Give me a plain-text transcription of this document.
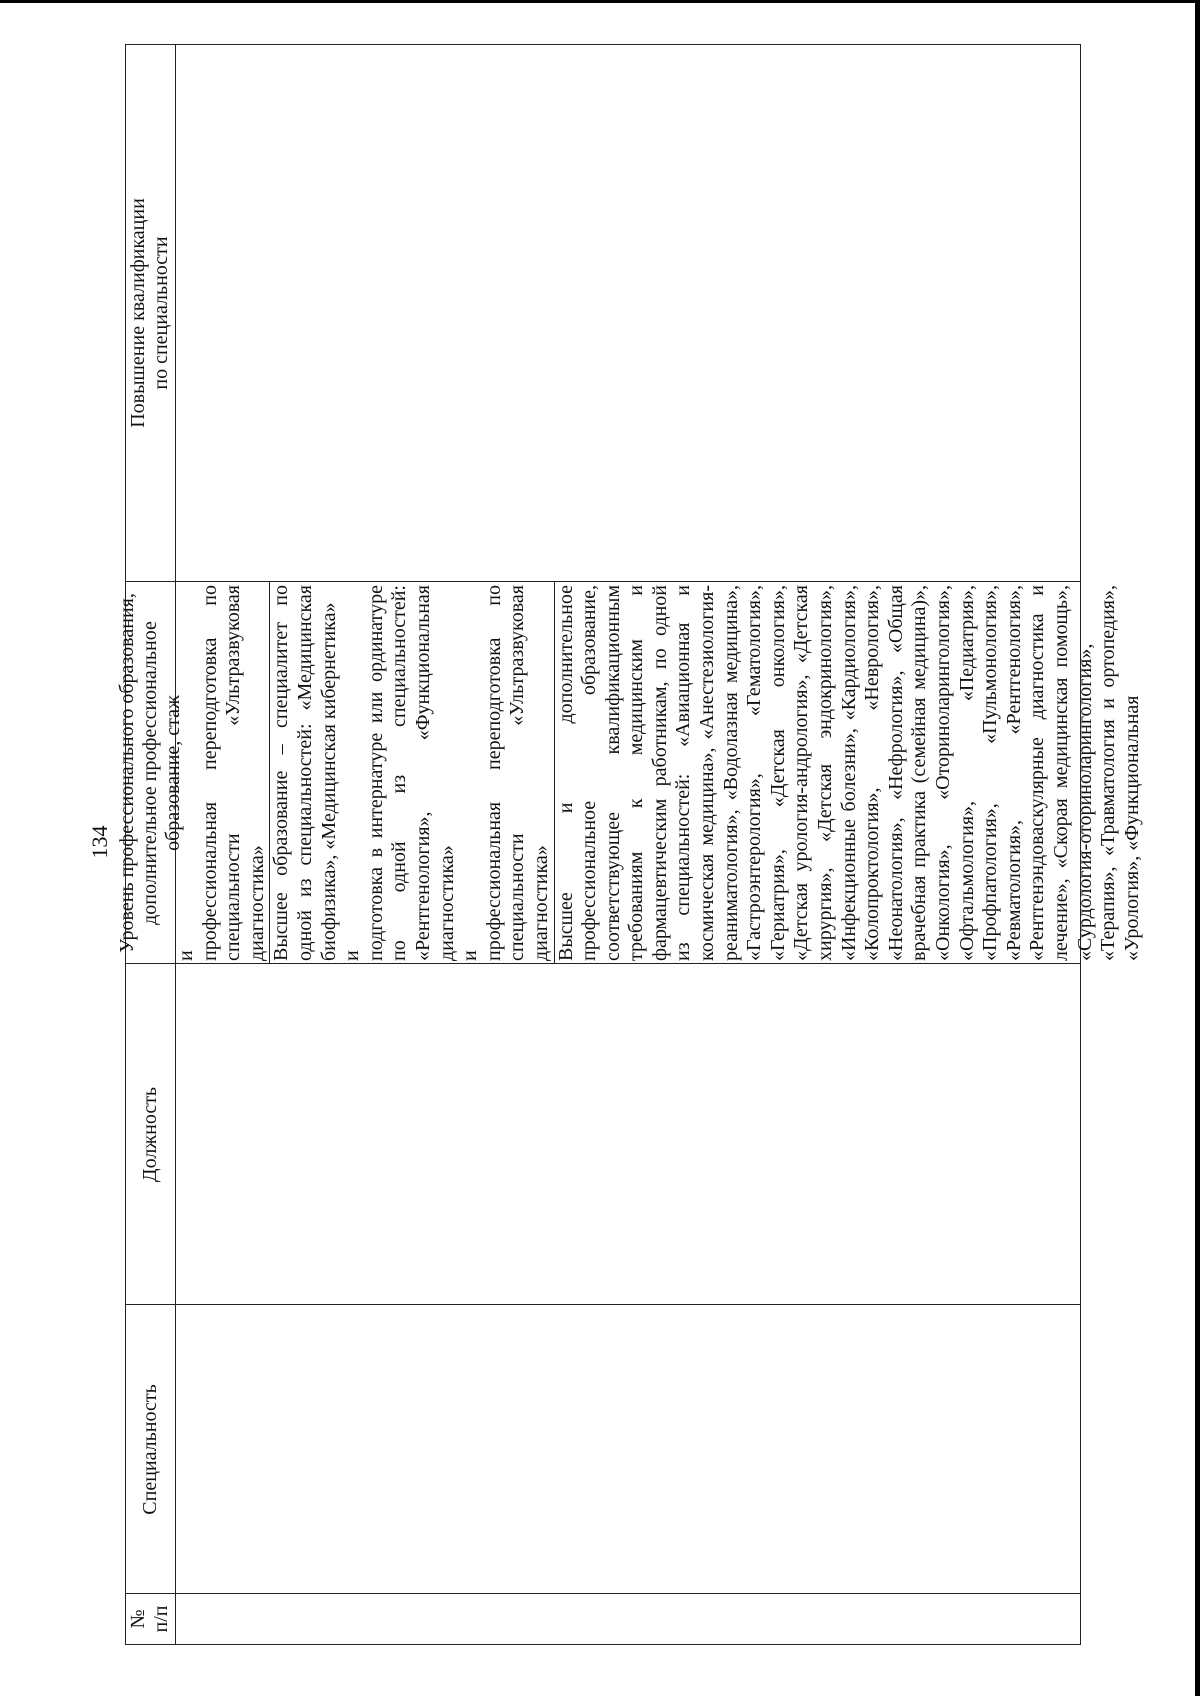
134
№ п/п
Специальность
Должность
Уровень профессионального образования, дополнительное профессиональное образование, стаж
Повышение квалификации по специальности

и профессиональная переподготовка по специальности «Ультразвуковая диагностика» Высшее образование – специалитет по одной из специальностей: «Медицинская биофизика», «Медицинская кибернетика» и подготовка в интернатуре или ординатуре по одной из специальностей: «Рентгенология», «Функциональная диагностика» и профессиональная переподготовка по специальности «Ультразвуковая диагностика» Высшее и дополнительное профессиональное образование, соответствующее квалификационным требованиям к медицинским и фармацевтическим работникам, по одной из специальностей: «Авиационная и космическая медицина», «Анестезиология-реаниматология», «Водолазная медицина», «Гастроэнтерология», «Гематология», «Гериатрия», «Детская онкология», «Детская урология-андрология», «Детская хирургия», «Детская эндокринология», «Инфекционные болезни», «Кардиология», «Колопроктология», «Неврология», «Неонатология», «Нефрология», «Общая врачебная практика (семейная медицина)», «Онкология», «Оториноларингология», «Офтальмология», «Педиатрия», «Профпатология», «Пульмонология», «Ревматология», «Рентгенология», «Рентгенэндоваскулярные диагностика и лечение», «Скорая медицинская помощь», «Сурдология-оториноларингология», «Терапия», «Травматология и ортопедия», «Урология», «Функциональная
